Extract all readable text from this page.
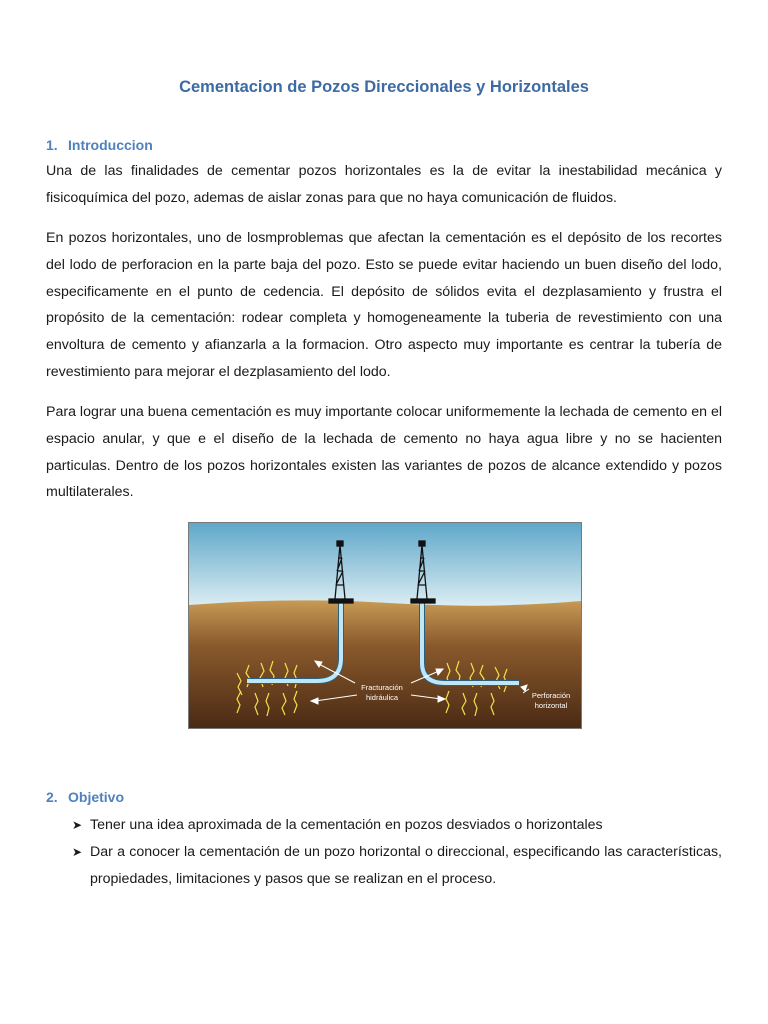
Cementacion de Pozos Direccionales y Horizontales
1. Introduccion

Una de las finalidades de cementar pozos horizontales es la de evitar la inestabilidad mecánica y fisicoquímica del pozo, ademas de aislar zonas para que no haya comunicación de fluidos.

En pozos horizontales, uno de losmproblemas que afectan la cementación es el depósito de los recortes del lodo de perforacion en la parte baja del pozo. Esto se puede evitar haciendo un buen diseño del lodo, especificamente en el punto de cedencia. El depósito de sólidos evita el dezplasamiento y frustra el propósito de la cementación: rodear completa y homogeneamente la tuberia de revestimiento con una envoltura de cemento y afianzarla a la formacion. Otro aspecto muy importante es centrar la tubería de revestimiento para mejorar el dezplasamiento del lodo.

Para lograr una buena cementación es muy importante colocar uniformemente la lechada de cemento en el espacio anular, y que e el diseño de la lechada de cemento no haya agua libre y no se hacienten particulas. Dentro de los pozos horizontales existen las variantes de pozos de alcance extendido y pozos multilaterales.

Fracturación
hidráulica	Perforación
horizontal
2. Objetivo
➤ Tener una idea aproximada de la cementación en pozos desviados o horizontales
➤ Dar a conocer la cementación de un pozo horizontal o direccional, especificando las características, propiedades, limitaciones y pasos que se realizan en el proceso.
